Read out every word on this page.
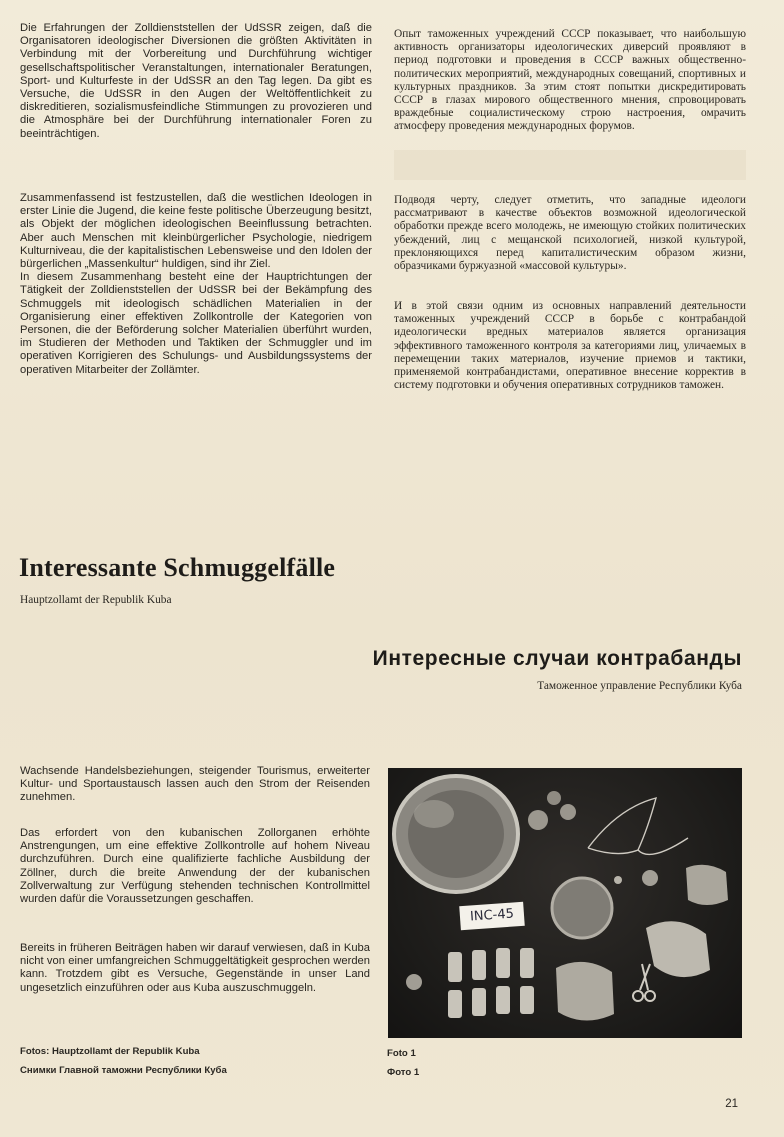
Die Erfahrungen der Zolldienststellen der UdSSR zeigen, daß die Organisatoren ideologischer Diversionen die größten Aktivitäten in Verbindung mit der Vorbereitung und Durchführung wichtiger gesellschaftspolitischer Veranstaltungen, internationaler Beratungen, Sport- und Kulturfeste in der UdSSR an den Tag legen. Da gibt es Versuche, die UdSSR in den Augen der Weltöffentlichkeit zu diskreditieren, sozialismusfeindliche Stimmungen zu provozieren und die Atmosphäre bei der Durchführung internationaler Foren zu beeinträchtigen.

Zusammenfassend ist festzustellen, daß die westlichen Ideologen in erster Linie die Jugend, die keine feste politische Überzeugung besitzt, als Objekt der möglichen ideologischen Beeinflussung betrachten. Aber auch Menschen mit kleinbürgerlicher Psychologie, niedrigem Kulturniveau, die der kapitalistischen Lebensweise und den Idolen der bürgerlichen „Massenkultur“ huldigen, sind ihr Ziel.
In diesem Zusammenhang besteht eine der Hauptrichtungen der Tätigkeit der Zolldienststellen der UdSSR bei der Bekämpfung des Schmuggels mit ideologisch schädlichen Materialien in der Organisierung einer effektiven Zollkontrolle der Kategorien von Personen, die der Beförderung solcher Materialien überführt wurden, im Studieren der Methoden und Taktiken der Schmuggler und im operativen Korrigieren des Schulungs- und Ausbildungssystems der operativen Mitarbeiter der Zollämter.

Опыт таможенных учреждений СССР показывает, что наибольшую активность организаторы идеологических диверсий проявляют в период подготовки и проведения в СССР важных общественно-политических мероприятий, международных совещаний, спортивных и культурных праздников. За этим стоят попытки дискредитировать СССР в глазах мирового общественного мнения, спровоцировать враждебные социалистическому строю настроения, омрачить атмосферу проведения международных форумов.

Подводя черту, следует отметить, что западные идеологи рассматривают в качестве объектов возможной идеологической обработки прежде всего молодежь, не имеющую стойких политических убеждений, лиц с мещанской психологией, низкой культурой, преклоняющихся перед капиталистическим образом жизни, образчиками буржуазной «массовой культуры».

И в этой связи одним из основных направлений деятельности таможенных учреждений СССР в борьбе с контрабандой идеологически вредных материалов является организация эффективного таможенного контроля за категориями лиц, уличаемых в перемещении таких материалов, изучение приемов и тактики, применяемой контрабандистами, оперативное внесение корректив в систему подготовки и обучения оперативных сотрудников таможен.

Interessante Schmuggelfälle
Hauptzollamt der Republik Kuba
Интересные случаи контрабанды
Таможенное управление Республики Куба

Wachsende Handelsbeziehungen, steigender Tourismus, erweiterter Kultur- und Sportaustausch lassen auch den Strom der Reisenden zunehmen.

Das erfordert von den kubanischen Zollorganen erhöhte Anstrengungen, um eine effektive Zollkontrolle auf hohem Niveau durchzuführen. Durch eine qualifizierte fachliche Ausbildung der Zöllner, durch die breite Anwendung der der kubanischen Zollverwaltung zur Verfügung stehenden technischen Kontrollmittel wurden dafür die Voraussetzungen geschaffen.

Bereits in früheren Beiträgen haben wir darauf verwiesen, daß in Kuba nicht von einer umfangreichen Schmuggeltätigkeit gesprochen werden kann. Trotzdem gibt es Versuche, Gegenstände in unser Land ungesetzlich einzuführen oder aus Kuba auszuschmuggeln.

INC-45
Fotos: Hauptzollamt der Republik Kuba
Снимки Главной таможни Республики Куба
Foto 1
Фото 1
21
